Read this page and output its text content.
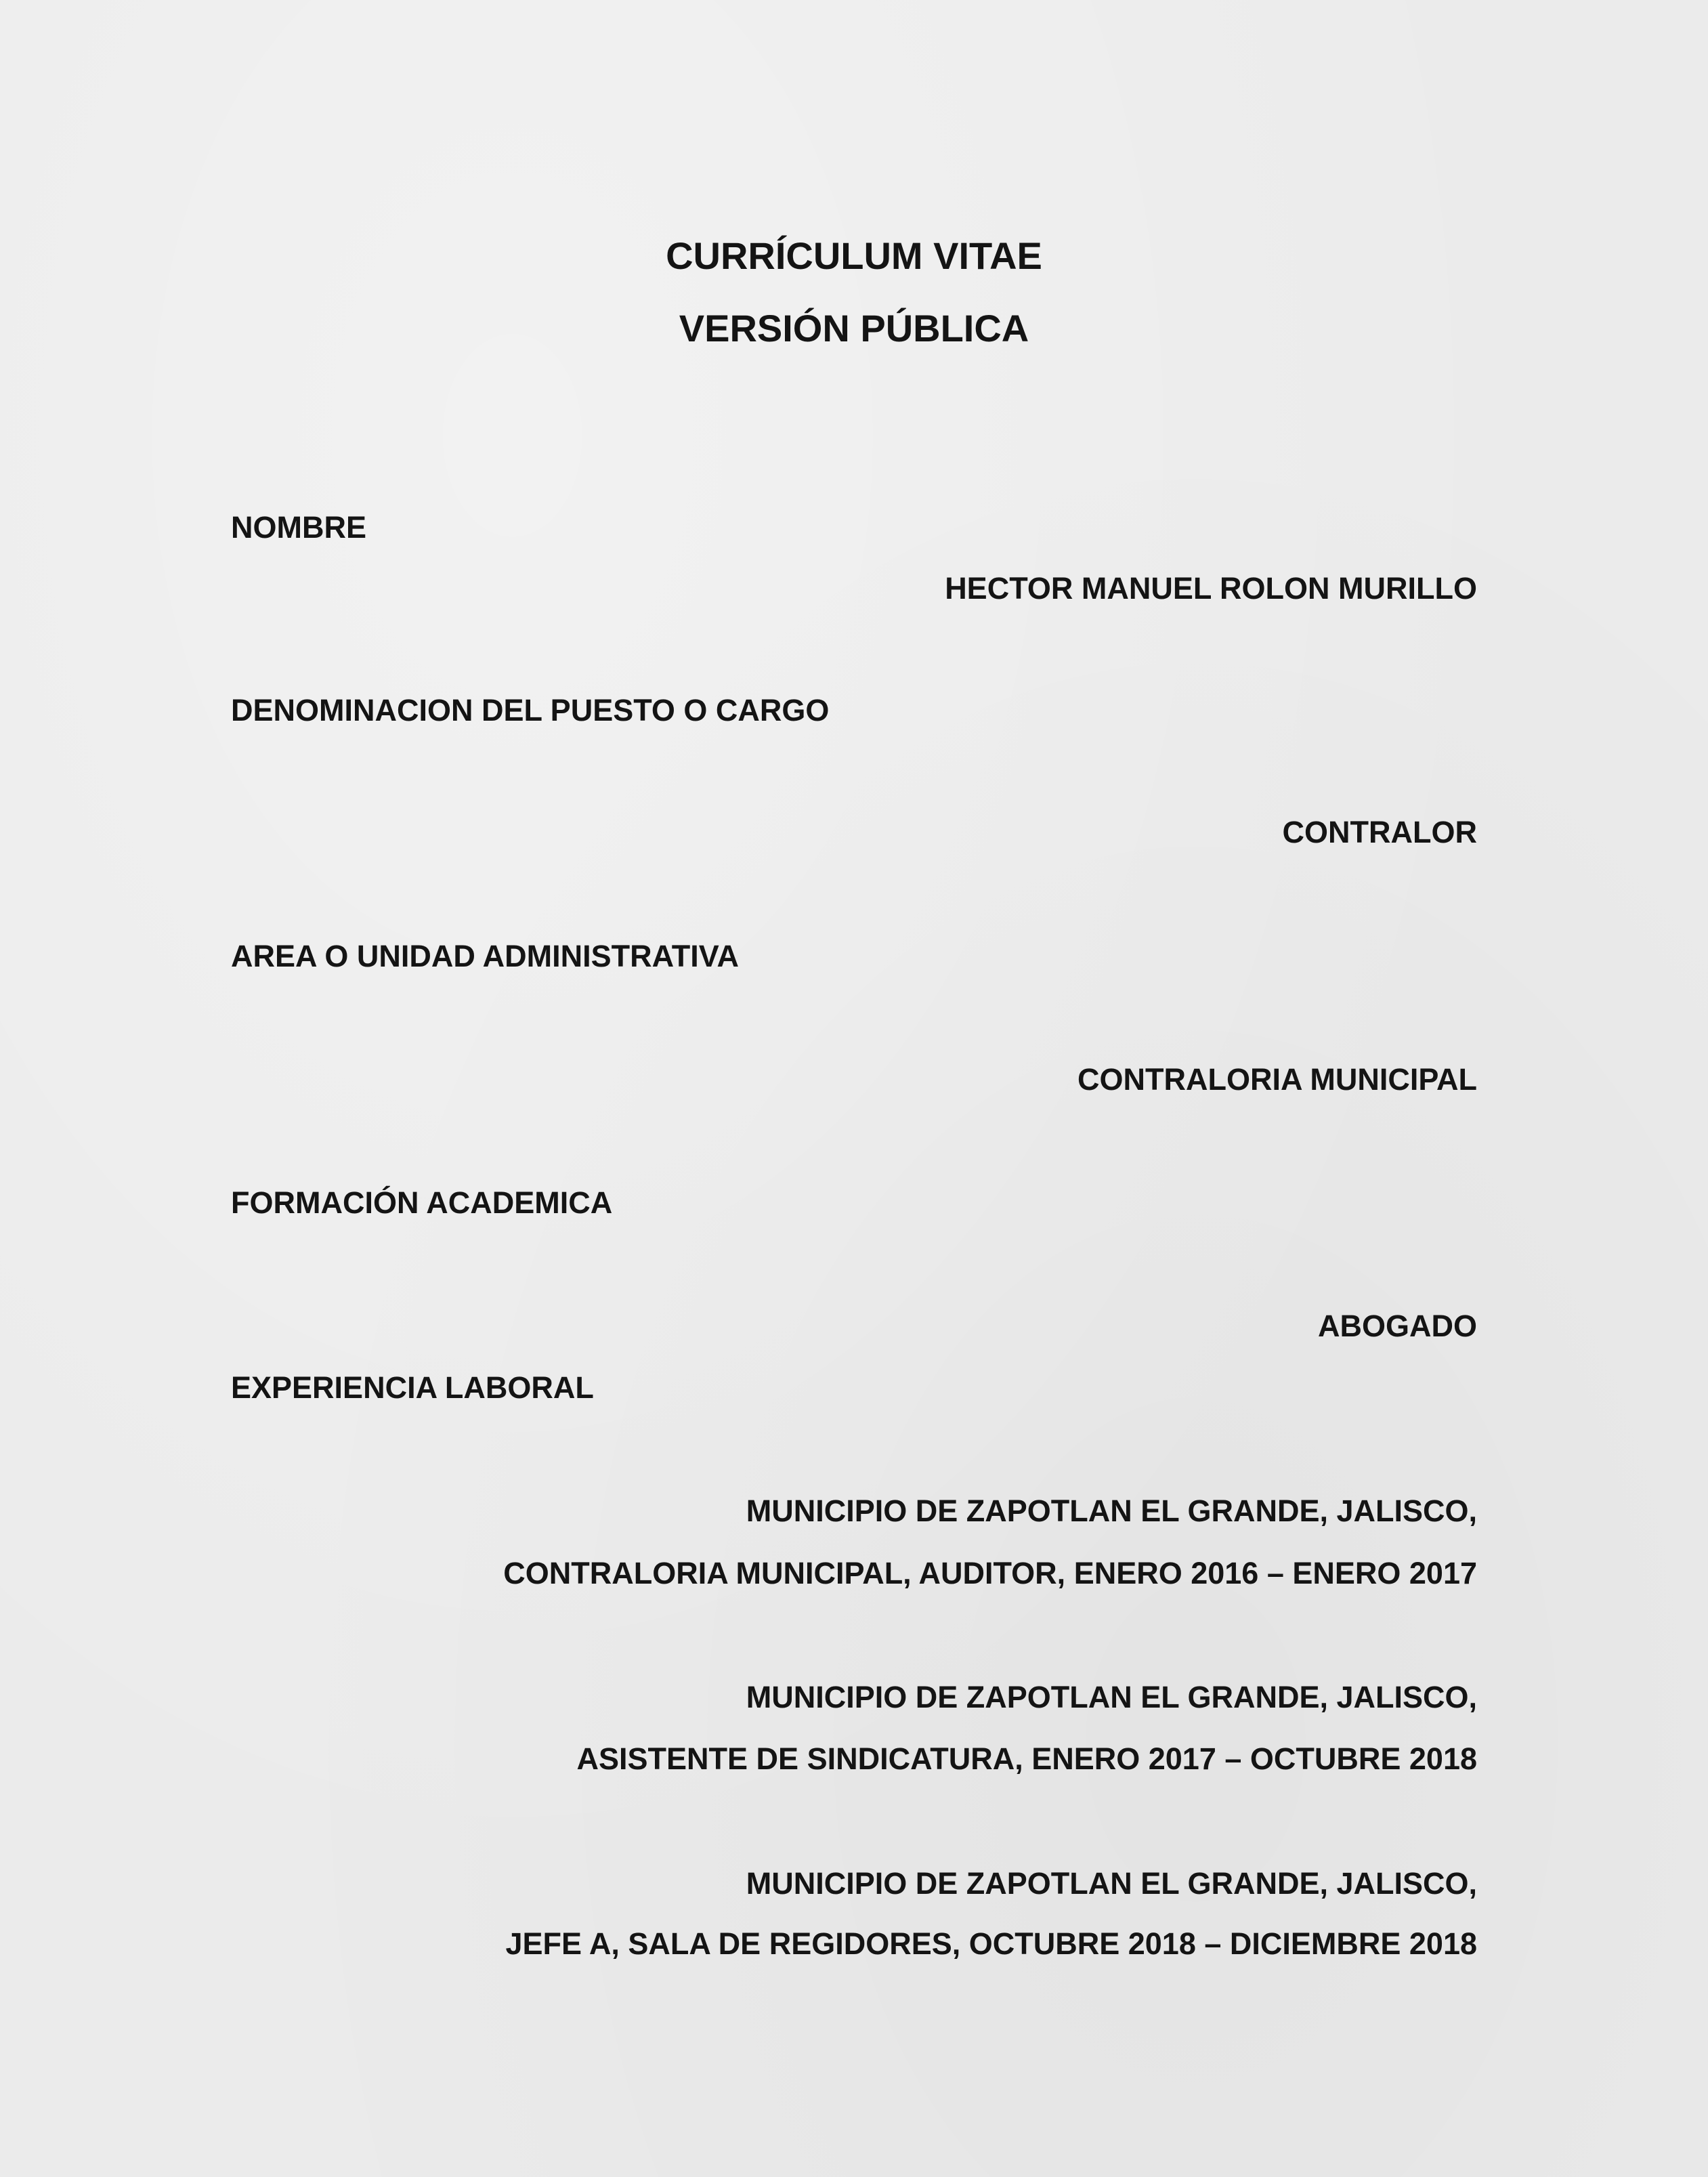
CURRÍCULUM VITAE
VERSIÓN PÚBLICA
NOMBRE
HECTOR MANUEL ROLON MURILLO
DENOMINACION DEL PUESTO O CARGO
CONTRALOR
AREA O UNIDAD ADMINISTRATIVA
CONTRALORIA MUNICIPAL
FORMACIÓN ACADEMICA
ABOGADO
EXPERIENCIA LABORAL
MUNICIPIO DE ZAPOTLAN EL GRANDE, JALISCO,
CONTRALORIA MUNICIPAL, AUDITOR, ENERO 2016 – ENERO 2017
MUNICIPIO DE ZAPOTLAN EL GRANDE, JALISCO,
ASISTENTE DE SINDICATURA, ENERO 2017 – OCTUBRE 2018
MUNICIPIO DE ZAPOTLAN EL GRANDE, JALISCO,
JEFE A, SALA DE REGIDORES, OCTUBRE 2018 – DICIEMBRE 2018
